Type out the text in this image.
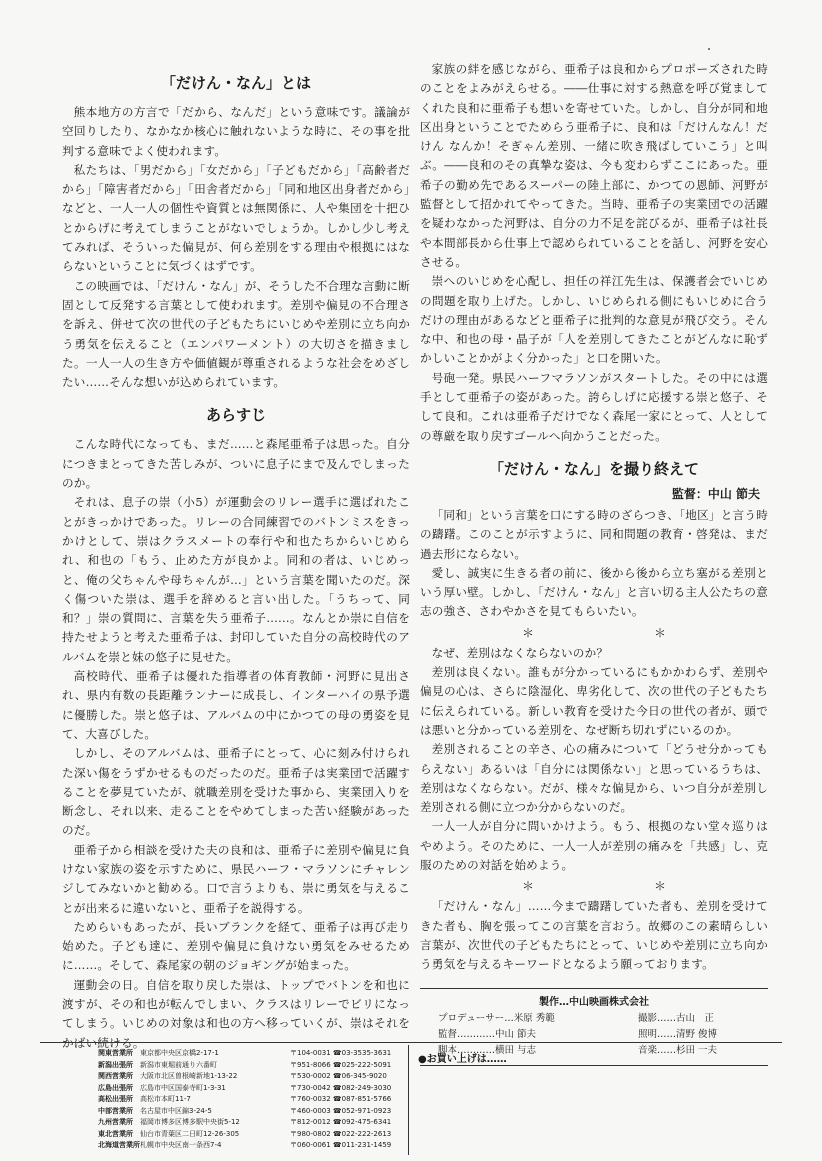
「だけん・なん」とは

熊本地方の方言で「だから、なんだ」という意味です。議論が空回りしたり、なかなか核心に触れないような時に、その事を批判する意味でよく使われます。

私たちは、「男だから」「女だから」「子どもだから」「高齢者だから」「障害者だから」「田舎者だから」「同和地区出身者だから」などと、一人一人の個性や資質とは無関係に、人や集団を十把ひとからげに考えてしまうことがないでしょうか。しかし少し考えてみれば、そういった偏見が、何ら差別をする理由や根拠にはならないということに気づくはずです。

この映画では、「だけん・なん」が、そうした不合理な言動に断固として反発する言葉として使われます。差別や偏見の不合理さを訴え、併せて次の世代の子どもたちにいじめや差別に立ち向かう勇気を伝えること（エンパワーメント）の大切さを描きました。一人一人の生き方や価値観が尊重されるような社会をめざしたい……そんな想いが込められています。

あらすじ

こんな時代になっても、まだ……と森尾亜希子は思った。自分につきまとってきた苦しみが、ついに息子にまで及んでしまったのか。

それは、息子の崇（小5）が運動会のリレー選手に選ばれたことがきっかけであった。リレーの合同練習でのバトンミスをきっかけとして、崇はクラスメートの奉行や和也たちからいじめられ、和也の「もう、止めた方が良かよ。同和の者は、いじめっと、俺の父ちゃんや母ちゃんが…」という言葉を聞いたのだ。深く傷ついた崇は、選手を辞めると言い出した。「うちって、同和？」崇の質問に、言葉を失う亜希子……。なんとか崇に自信を持たせようと考えた亜希子は、封印していた自分の高校時代のアルバムを崇と妹の悠子に見せた。

高校時代、亜希子は優れた指導者の体育教師・河野に見出され、県内有数の長距離ランナーに成長し、インターハイの県予選に優勝した。崇と悠子は、アルバムの中にかつての母の勇姿を見て、大喜びした。

しかし、そのアルバムは、亜希子にとって、心に刻み付けられた深い傷をうずかせるものだったのだ。亜希子は実業団で活躍することを夢見ていたが、就職差別を受けた事から、実業団入りを断念し、それ以来、走ることをやめてしまった苦い経験があったのだ。

亜希子から相談を受けた夫の良和は、亜希子に差別や偏見に負けない家族の姿を示すために、県民ハーフ・マラソンにチャレンジしてみないかと勧める。口で言うよりも、崇に勇気を与えることが出来るに違いないと、亜希子を説得する。

ためらいもあったが、長いブランクを経て、亜希子は再び走り始めた。子ども達に、差別や偏見に負けない勇気をみせるために……。そして、森尾家の朝のジョギングが始まった。

運動会の日。自信を取り戻した崇は、トップでバトンを和也に渡すが、その和也が転んでしまい、クラスはリレーでビリになってしまう。いじめの対象は和也の方へ移っていくが、崇はそれをかばい続ける。

家族の絆を感じながら、亜希子は良和からプロポーズされた時のことをよみがえらせる。――仕事に対する熱意を呼び覚ましてくれた良和に亜希子も想いを寄せていた。しかし、自分が同和地区出身ということでためらう亜希子に、良和は「だけんなん！だけん なんか！そぎゃん差別、一緒に吹き飛ばしていこう」と叫ぶ。――良和のその真摯な姿は、今も変わらずここにあった。亜希子の勤め先であるスーパーの陸上部に、かつての恩師、河野が監督として招かれてやってきた。当時、亜希子の実業団での活躍を疑わなかった河野は、自分の力不足を詫びるが、亜希子は社長や本間部長から仕事上で認められていることを話し、河野を安心させる。

崇へのいじめを心配し、担任の祥江先生は、保護者会でいじめの問題を取り上げた。しかし、いじめられる側にもいじめに合うだけの理由があるなどと亜希子に批判的な意見が飛び交う。そんな中、和也の母・晶子が「人を差別してきたことがどんなに恥ずかしいことかがよく分かった」と口を開いた。

号砲一発。県民ハーフマラソンがスタートした。その中には選手として亜希子の姿があった。誇らしげに応援する崇と悠子、そして良和。これは亜希子だけでなく森尾一家にとって、人としての尊厳を取り戻すゴールへ向かうことだった。

「だけん・なん」を撮り終えて
監督：中山 節夫

「同和」という言葉を口にする時のざらつき、「地区」と言う時の躊躇。このことが示すように、同和問題の教育・啓発は、まだ過去形にならない。

愛し、誠実に生きる者の前に、後から後から立ち塞がる差別という厚い壁。しかし、「だけん・なん」と言い切る主人公たちの意志の強さ、さわやかさを見てもらいたい。

＊	＊

なぜ、差別はなくならないのか？

差別は良くない。誰もが分かっているにもかかわらず、差別や偏見の心は、さらに陰湿化、卑劣化して、次の世代の子どもたちに伝えられている。新しい教育を受けた今日の世代の者が、頭では悪いと分かっている差別を、なぜ断ち切れずにいるのか。

差別されることの辛さ、心の痛みについて「どうせ分かってもらえない」あるいは「自分には関係ない」と思っているうちは、差別はなくならない。だが、様々な偏見から、いつ自分が差別し差別される側に立つか分からないのだ。

一人一人が自分に問いかけよう。もう、根拠のない堂々巡りはやめよう。そのために、一人一人が差別の痛みを「共感」し、克服のための対話を始めよう。

＊	＊

「だけん・なん」……今まで躊躇していた者も、差別を受けてきた者も、胸を張ってこの言葉を言おう。故郷のこの素晴らしい言葉が、次世代の子どもたちにとって、いじめや差別に立ち向かう勇気を与えるキーワードとなるよう願っております。

製作…中山映画株式会社
プロデューサー…米原 秀範	撮影……古山　正
監督…………中山 節夫	照明……清野 俊博
脚本…………横田 与志	音楽……杉田 一夫
関東営業所	東京都中央区京橋2-17-1	〒104-0031 ☎03-3535-3631
新潟出張所	新潟市東堀前通り六番町	〒951-8066 ☎025-222-5091
関西営業所	大阪市北区曽根崎新地1-13-22	〒530-0002 ☎06-345-9020
広島出張所	広島市中区国泰寺町1-3-31	〒730-0042 ☎082-249-3030
高松出張所	高松市本町11-7	〒760-0032 ☎087-851-5766
中部営業所	名古屋市中区錦3-24-5	〒460-0003 ☎052-971-0923
九州営業所	福岡市博多区博多駅中央街5-12	〒812-0012 ☎092-475-6341
東北営業所	仙台市青葉区二日町12-26-305	〒980-0802 ☎022-222-2613
北海道営業所 札幌市中央区南一条西7-4	〒060-0061 ☎011-231-1459
●お買い上げは……
